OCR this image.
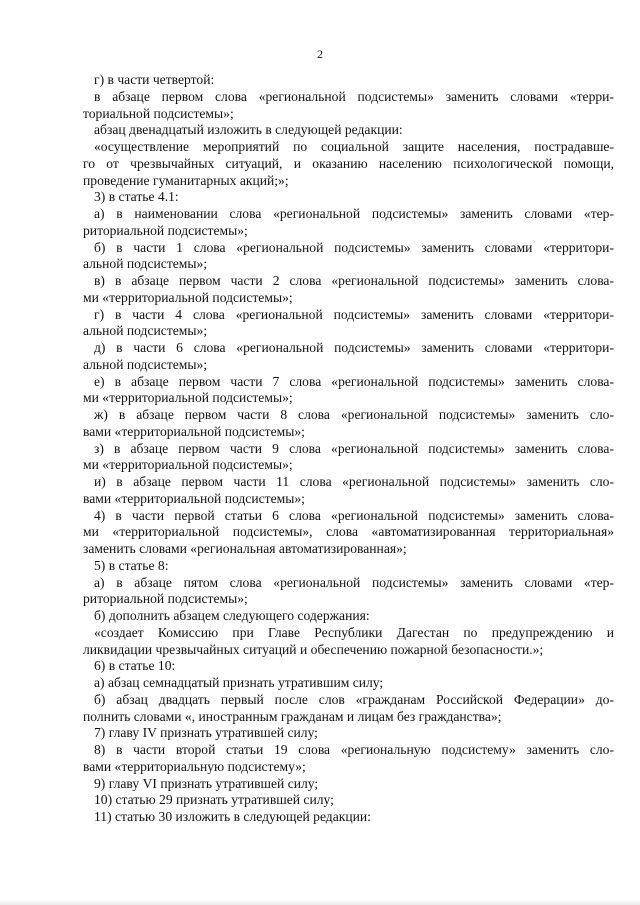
2

г) в части четвертой:

в абзаце первом слова «региональной подсистемы» заменить словами «терри-
ториальной подсистемы»;

абзац двенадцатый изложить в следующей редакции:

«осуществление мероприятий по социальной защите населения, пострадавше-
го от чрезвычайных ситуаций, и оказанию населению психологической помощи,
проведение гуманитарных акций;»;

3) в статье 4.1:

а) в наименовании слова «региональной подсистемы» заменить словами «тер-
риториальной подсистемы»;

б) в части 1 слова «региональной подсистемы» заменить словами «территори-
альной подсистемы»;

в) в абзаце первом части 2 слова «региональной подсистемы» заменить слова-
ми «территориальной подсистемы»;

г) в части 4 слова «региональной подсистемы» заменить словами «территори-
альной подсистемы»;

д) в части 6 слова «региональной подсистемы» заменить словами «территори-
альной подсистемы»;

е) в абзаце первом части 7 слова «региональной подсистемы» заменить слова-
ми «территориальной подсистемы»;

ж) в абзаце первом части 8 слова «региональной подсистемы» заменить сло-
вами «территориальной подсистемы»;

з) в абзаце первом части 9 слова «региональной подсистемы» заменить слова-
ми «территориальной подсистемы»;

и) в абзаце первом части 11 слова «региональной подсистемы» заменить сло-
вами «территориальной подсистемы»;

4) в части первой статьи 6 слова «региональной подсистемы» заменить слова-
ми «территориальной подсистемы», слова «автоматизированная территориальная»
заменить словами «региональная автоматизированная»;

5) в статье 8:

а) в абзаце пятом слова «региональной подсистемы» заменить словами «тер-
риториальной подсистемы»;

б) дополнить абзацем следующего содержания:

«создает Комиссию при Главе Республики Дагестан по предупреждению и
ликвидации чрезвычайных ситуаций и обеспечению пожарной безопасности.»;

6) в статье 10:

а) абзац семнадцатый признать утратившим силу;

б) абзац двадцать первый после слов «гражданам Российской Федерации» до-
полнить словами «, иностранным гражданам и лицам без гражданства»;

7) главу IV признать утратившей силу;

8) в части второй статьи 19 слова «региональную подсистему» заменить сло-
вами «территориальную подсистему»;

9) главу VI признать утратившей силу;

10) статью 29 признать утратившей силу;

11) статью 30 изложить в следующей редакции:
